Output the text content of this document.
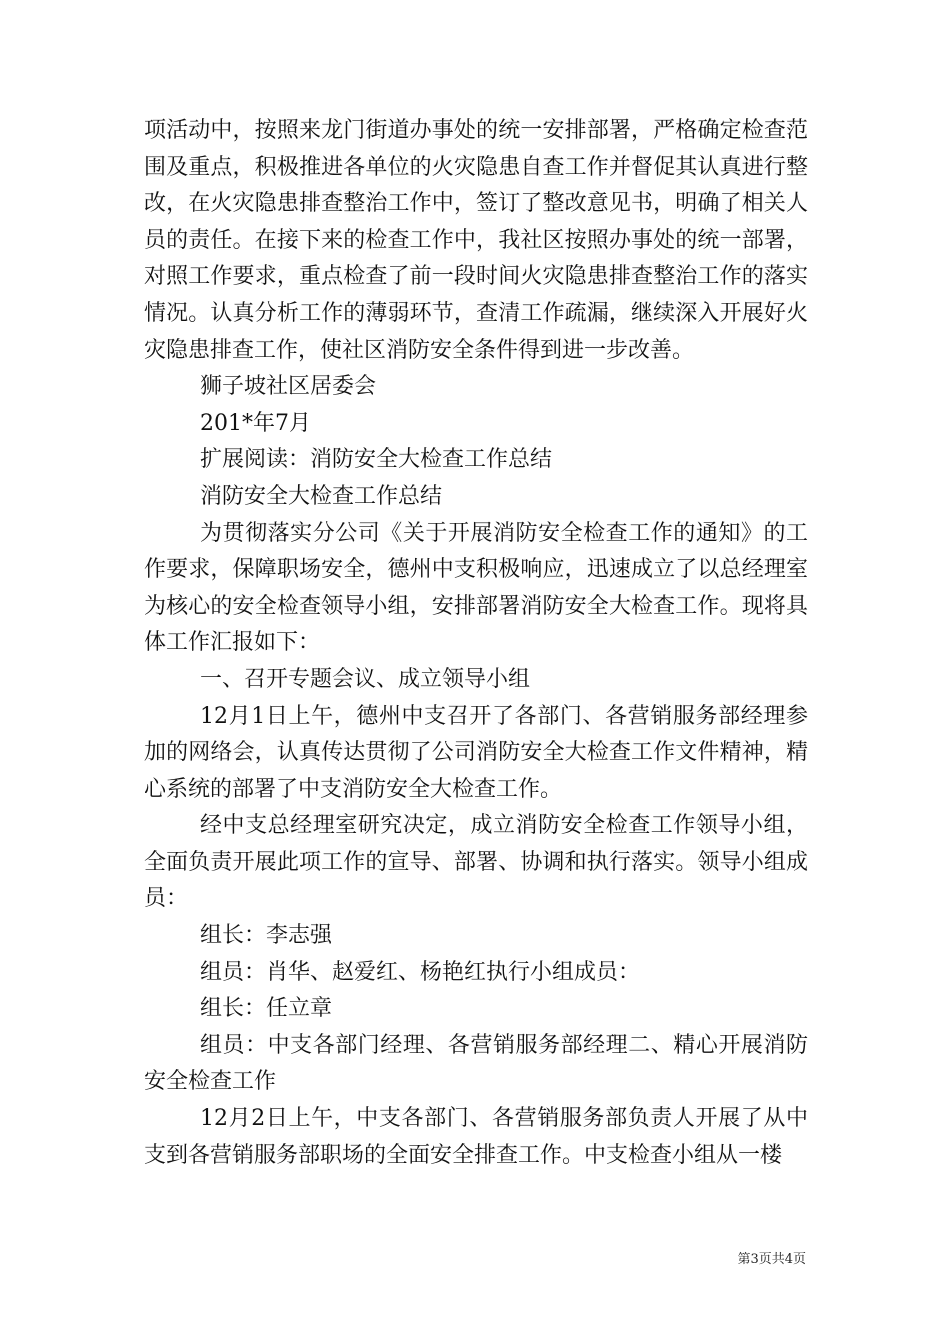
项活动中，按照来龙门街道办事处的统一安排部署，严格确定检查范围及重点，积极推进各单位的火灾隐患自查工作并督促其认真进行整改，在火灾隐患排查整治工作中，签订了整改意见书，明确了相关人员的责任。在接下来的检查工作中，我社区按照办事处的统一部署，对照工作要求，重点检查了前一段时间火灾隐患排查整治工作的落实情况。认真分析工作的薄弱环节，查清工作疏漏，继续深入开展好火灾隐患排查工作，使社区消防安全条件得到进一步改善。

狮子坡社区居委会

201*年7月

扩展阅读：消防安全大检查工作总结

消防安全大检查工作总结

为贯彻落实分公司《关于开展消防安全检查工作的通知》的工作要求，保障职场安全，德州中支积极响应，迅速成立了以总经理室为核心的安全检查领导小组，安排部署消防安全大检查工作。现将具体工作汇报如下：

一、召开专题会议、成立领导小组

12月1日上午，德州中支召开了各部门、各营销服务部经理参加的网络会，认真传达贯彻了公司消防安全大检查工作文件精神，精心系统的部署了中支消防安全大检查工作。

经中支总经理室研究决定，成立消防安全检查工作领导小组，全面负责开展此项工作的宣导、部署、协调和执行落实。领导小组成员：

组长：李志强

组员：肖华、赵爱红、杨艳红执行小组成员：

组长：任立章

组员：中支各部门经理、各营销服务部经理二、精心开展消防安全检查工作

12月2日上午，中支各部门、各营销服务部负责人开展了从中支到各营销服务部职场的全面安全排查工作。中支检查小组从一楼

第3页共4页
